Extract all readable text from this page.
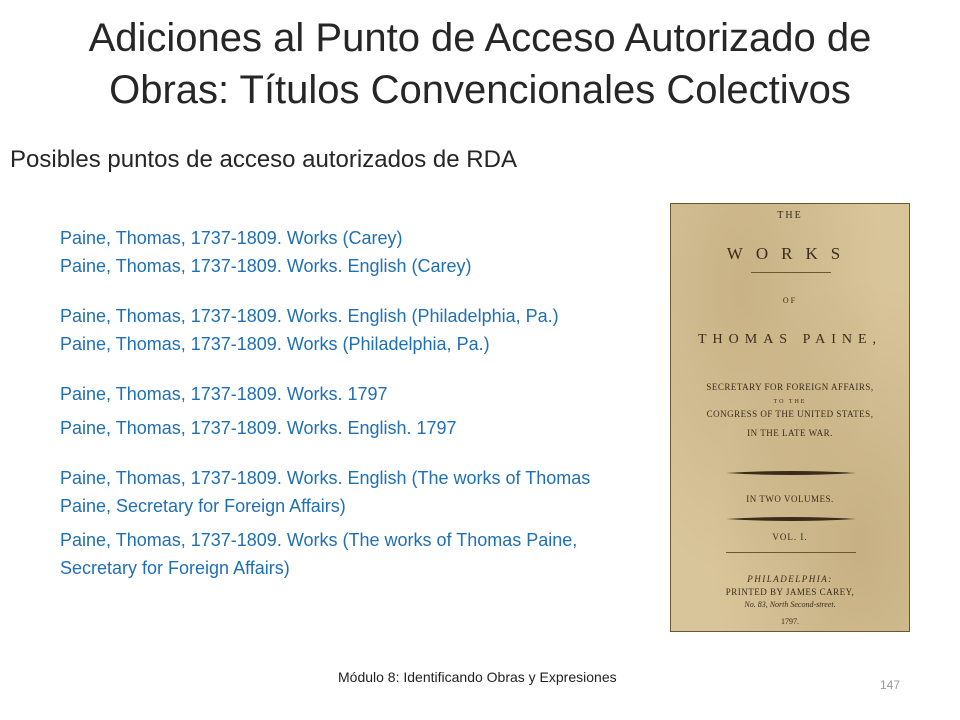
Adiciones al Punto de Acceso Autorizado de Obras: Títulos Convencionales Colectivos
Posibles puntos de acceso autorizados de RDA
Paine, Thomas, 1737-1809. Works (Carey)
Paine, Thomas, 1737-1809. Works. English (Carey)
Paine, Thomas, 1737-1809. Works. English (Philadelphia, Pa.)
Paine, Thomas, 1737-1809. Works (Philadelphia, Pa.)
Paine, Thomas, 1737-1809. Works. 1797
Paine, Thomas, 1737-1809. Works. English. 1797
Paine, Thomas, 1737-1809. Works. English (The works of Thomas Paine, Secretary for Foreign Affairs)
Paine, Thomas, 1737-1809. Works (The works of Thomas Paine, Secretary for Foreign Affairs)
THE
WORKS
OF
THOMAS PAINE,
SECRETARY FOR FOREIGN AFFAIRS,
TO THE
CONGRESS OF THE UNITED STATES,
IN THE LATE WAR.
IN TWO VOLUMES.
VOL. I.
PHILADELPHIA:
PRINTED BY JAMES CAREY,
No. 83, North Second-street.
1797.
Módulo 8: Identificando Obras y Expresiones	147
